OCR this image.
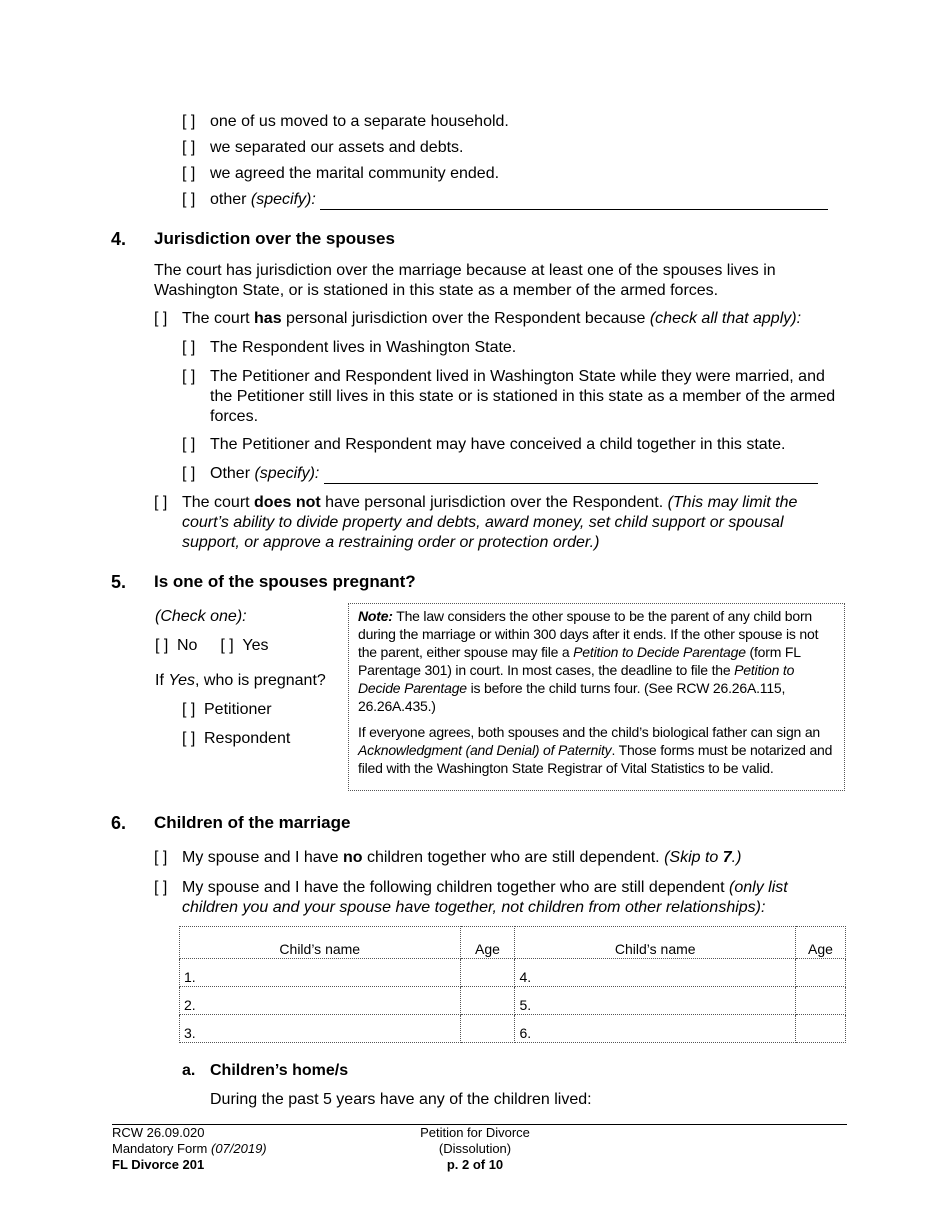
[ ] one of us moved to a separate household.
[ ] we separated our assets and debts.
[ ] we agreed the marital community ended.
[ ] other (specify):
4. Jurisdiction over the spouses
The court has jurisdiction over the marriage because at least one of the spouses lives in Washington State, or is stationed in this state as a member of the armed forces.
[ ] The court has personal jurisdiction over the Respondent because (check all that apply):
[ ] The Respondent lives in Washington State.
[ ] The Petitioner and Respondent lived in Washington State while they were married, and the Petitioner still lives in this state or is stationed in this state as a member of the armed forces.
[ ] The Petitioner and Respondent may have conceived a child together in this state.
[ ] Other (specify):
[ ] The court does not have personal jurisdiction over the Respondent. (This may limit the court’s ability to divide property and debts, award money, set child support or spousal support, or approve a restraining order or protection order.)
5. Is one of the spouses pregnant?
(Check one):
[ ] No [ ] Yes
If Yes, who is pregnant?
[ ] Petitioner
[ ] Respondent

Note: The law considers the other spouse to be the parent of any child born during the marriage or within 300 days after it ends. If the other spouse is not the parent, either spouse may file a Petition to Decide Parentage (form FL Parentage 301) in court. In most cases, the deadline to file the Petition to Decide Parentage is before the child turns four. (See RCW 26.26A.115, 26.26A.435.)

If everyone agrees, both spouses and the child’s biological father can sign an Acknowledgment (and Denial) of Paternity. Those forms must be notarized and filed with the Washington State Registrar of Vital Statistics to be valid.

6. Children of the marriage
[ ] My spouse and I have no children together who are still dependent. (Skip to 7.)
[ ] My spouse and I have the following children together who are still dependent (only list children you and your spouse have together, not children from other relationships):
Child’s name	Age	Child’s name	Age
1.		4.	
2.		5.	
3.		6.	
a. Children’s home/s
During the past 5 years have any of the children lived:
RCW 26.09.020
Mandatory Form (07/2019)
FL Divorce 201
Petition for Divorce
(Dissolution)
p. 2 of 10
